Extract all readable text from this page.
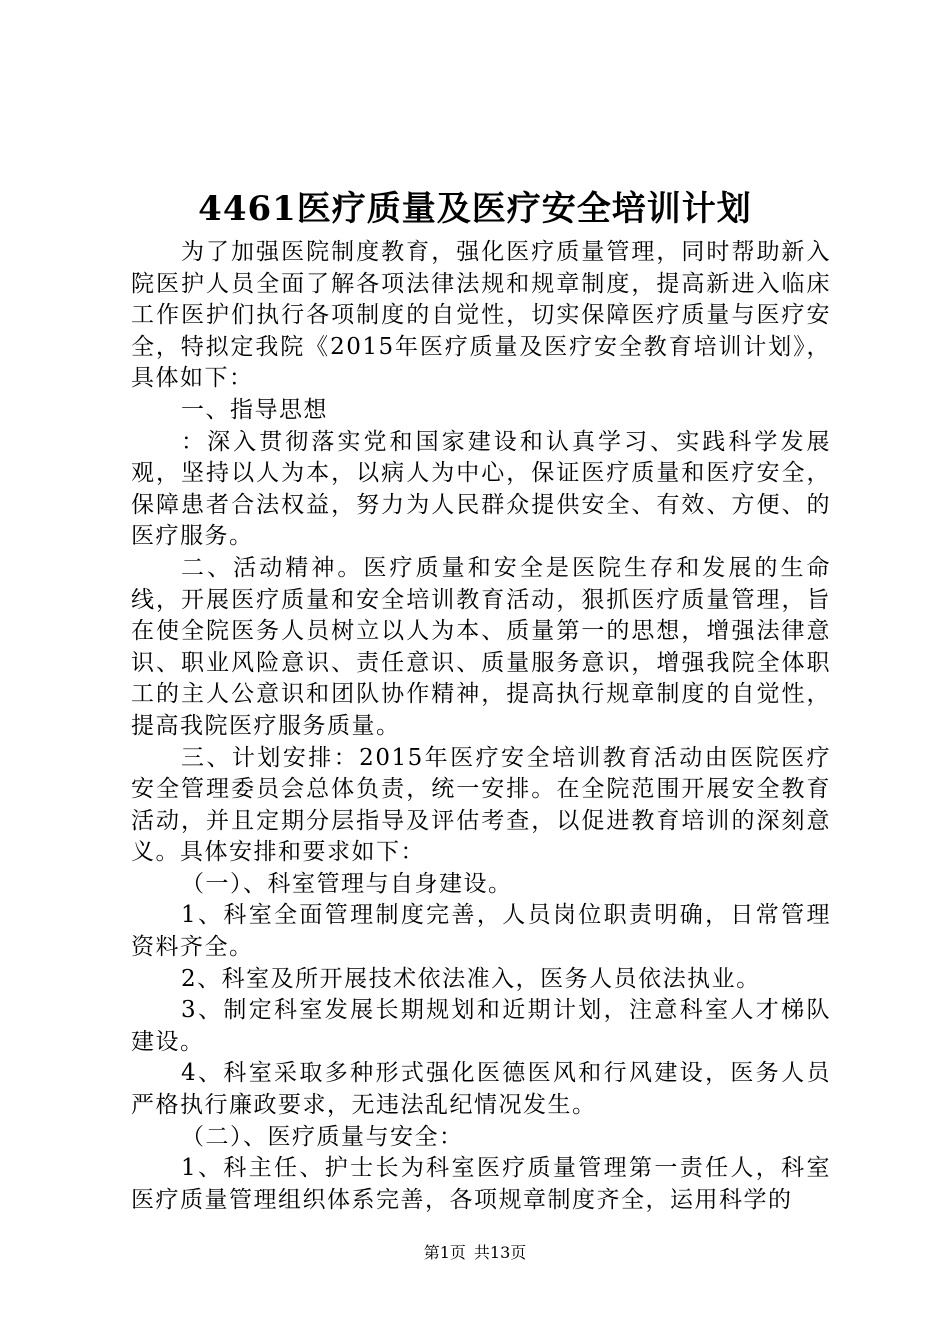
4461医疗质量及医疗安全培训计划

为了加强医院制度教育，强化医疗质量管理，同时帮助新入院医护人员全面了解各项法律法规和规章制度，提高新进入临床工作医护们执行各项制度的自觉性，切实保障医疗质量与医疗安全，特拟定我院《2015年医疗质量及医疗安全教育培训计划》，具体如下：

一、指导思想

：深入贯彻落实党和国家建设和认真学习、实践科学发展观，坚持以人为本，以病人为中心，保证医疗质量和医疗安全，保障患者合法权益，努力为人民群众提供安全、有效、方便、的医疗服务。

二、活动精神。医疗质量和安全是医院生存和发展的生命线，开展医疗质量和安全培训教育活动，狠抓医疗质量管理，旨在使全院医务人员树立以人为本、质量第一的思想，增强法律意识、职业风险意识、责任意识、质量服务意识，增强我院全体职工的主人公意识和团队协作精神，提高执行规章制度的自觉性，提高我院医疗服务质量。

三、计划安排：2015年医疗安全培训教育活动由医院医疗安全管理委员会总体负责，统一安排。在全院范围开展安全教育活动，并且定期分层指导及评估考查，以促进教育培训的深刻意义。具体安排和要求如下：

（一）、科室管理与自身建设。

1、科室全面管理制度完善，人员岗位职责明确，日常管理资料齐全。

2、科室及所开展技术依法准入，医务人员依法执业。

3、制定科室发展长期规划和近期计划，注意科室人才梯队建设。

4、科室采取多种形式强化医德医风和行风建设，医务人员严格执行廉政要求，无违法乱纪情况发生。

（二）、医疗质量与安全：

1、科主任、护士长为科室医疗质量管理第一责任人，科室医疗质量管理组织体系完善，各项规章制度齐全，运用科学的

第1页 共13页
